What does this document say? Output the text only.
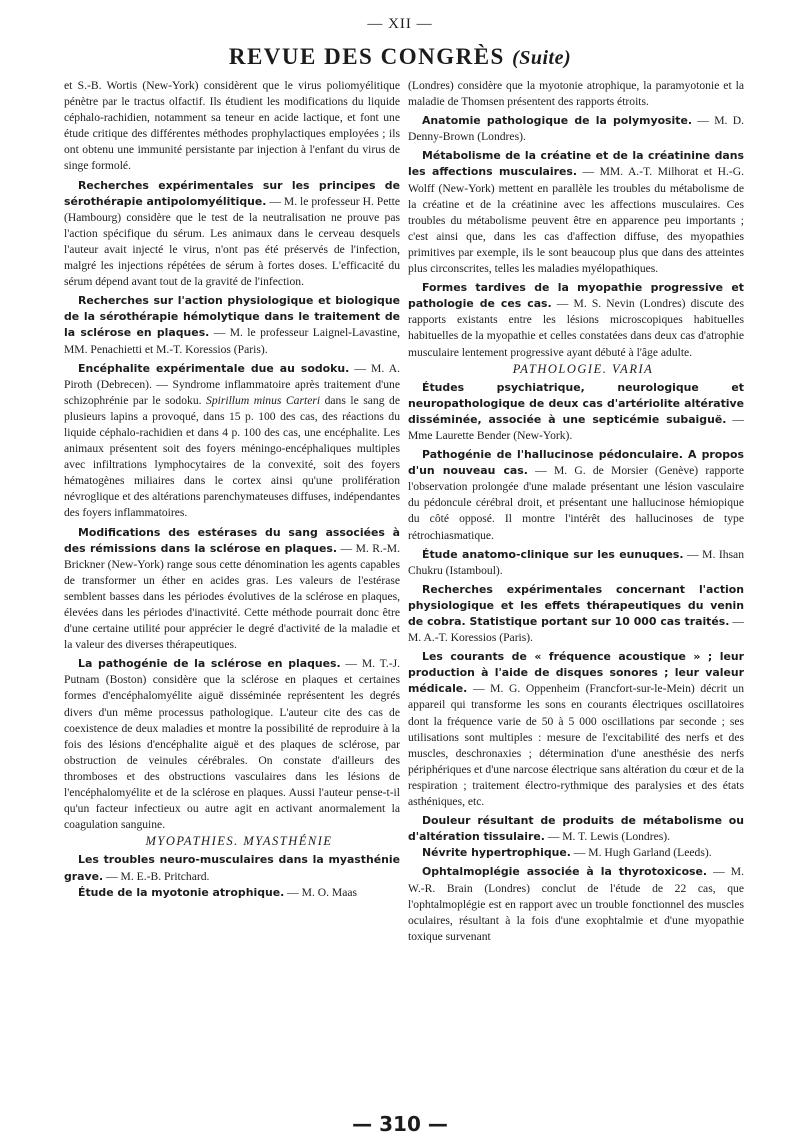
— XII —
REVUE DES CONGRÈS (Suite)

et S.-B. Wortis (New-York) considèrent que le virus poliomyélitique pénètre par le tractus olfactif. Ils étudient les modifications du liquide céphalo-rachidien, notamment sa teneur en acide lactique, et font une étude critique des différentes méthodes prophylactiques employées ; ils ont obtenu une immunité persistante par injection à l'enfant du virus de singe formolé.

Recherches expérimentales sur les principes de sérothérapie antipolomyélitique. — M. le professeur H. Pette (Hambourg) considère que le test de la neutralisation ne prouve pas l'action spécifique du sérum. Les animaux dans le cerveau desquels l'auteur avait injecté le virus, n'ont pas été préservés de l'infection, malgré les injections répétées de sérum à fortes doses. L'efficacité du sérum dépend avant tout de la gravité de l'infection.

Recherches sur l'action physiologique et biologique de la sérothérapie hémolytique dans le traitement de la sclérose en plaques. — M. le professeur Laignel-Lavastine, MM. Penachietti et M.-T. Koressios (Paris).

Encéphalite expérimentale due au sodoku. — M. A. Piroth (Debrecen). — Syndrome inflammatoire après traitement d'une schizophrénie par le sodoku. Spirillum minus Carteri dans le sang de plusieurs lapins a provoqué, dans 15 p. 100 des cas, des réactions du liquide céphalo-rachidien et dans 4 p. 100 des cas, une encéphalite. Les animaux présentent soit des foyers méningo-encéphaliques multiples avec infiltrations lymphocytaires de la convexité, soit des foyers hématogènes miliaires dans le cortex ainsi qu'une prolifération névroglique et des altérations parenchymateuses diffuses, indépendantes des foyers inflammatoires.

Modifications des estérases du sang associées à des rémissions dans la sclérose en plaques. — M. R.-M. Brickner (New-York) range sous cette dénomination les agents capables de transformer un éther en acides gras. Les valeurs de l'estérase semblent basses dans les périodes évolutives de la sclérose en plaques, élevées dans les périodes d'inactivité. Cette méthode pourrait donc être d'une certaine utilité pour apprécier le degré d'activité de la maladie et la valeur des diverses thérapeutiques.

La pathogénie de la sclérose en plaques. — M. T.-J. Putnam (Boston) considère que la sclérose en plaques et certaines formes d'encéphalomyélite aiguë disséminée représentent les degrés divers d'un même processus pathologique. L'auteur cite des cas de coexistence de deux maladies et montre la possibilité de reproduire à la fois des lésions d'encéphalite aiguë et des plaques de sclérose, par obstruction de veinules cérébrales. On constate d'ailleurs des thromboses et des obstructions vasculaires dans les lésions de l'encéphalomyélite et de la sclérose en plaques. Aussi l'auteur pense-t-il qu'un facteur infectieux ou autre agit en activant anormalement la coagulation sanguine.

MYOPATHIES. MYASTHÉNIE

Les troubles neuro-musculaires dans la myasthénie grave. — M. E.-B. Pritchard.

Étude de la myotonie atrophique. — M. O. Maas

(Londres) considère que la myotonie atrophique, la paramyotonie et la maladie de Thomsen présentent des rapports étroits.

Anatomie pathologique de la polymyosite. — M. D. Denny-Brown (Londres).

Métabolisme de la créatine et de la créatinine dans les affections musculaires. — MM. A.-T. Milhorat et H.-G. Wolff (New-York) mettent en parallèle les troubles du métabolisme de la créatine et de la créatinine avec les affections musculaires. Ces troubles du métabolisme peuvent être en apparence peu importants ; c'est ainsi que, dans les cas d'affection diffuse, des myopathies primitives par exemple, ils le sont beaucoup plus que dans des atteintes plus circonscrites, telles les maladies myélopathiques.

Formes tardives de la myopathie progressive et pathologie de ces cas. — M. S. Nevin (Londres) discute des rapports existants entre les lésions microscopiques habituelles habituelles de la myopathie et celles constatées dans deux cas d'atrophie musculaire lentement progressive ayant débuté à l'âge adulte.

PATHOLOGIE. VARIA

Études psychiatrique, neurologique et neuropathologique de deux cas d'artériolite altérative disséminée, associée à une septicémie subaiguë. — Mme Laurette Bender (New-York).

Pathogénie de l'hallucinose pédonculaire. A propos d'un nouveau cas. — M. G. de Morsier (Genève) rapporte l'observation prolongée d'une malade présentant une lésion vasculaire du pédoncule cérébral droit, et présentant une hallucinose hémiopique du côté opposé. Il montre l'intérêt des hallucinoses de type rétrochiasmatique.

Étude anatomo-clinique sur les eunuques. — M. Ihsan Chukru (Istamboul).

Recherches expérimentales concernant l'action physiologique et les effets thérapeutiques du venin de cobra. Statistique portant sur 10 000 cas traités. — M. A.-T. Koressios (Paris).

Les courants de « fréquence acoustique » ; leur production à l'aide de disques sonores ; leur valeur médicale. — M. G. Oppenheim (Francfort-sur-le-Mein) décrit un appareil qui transforme les sons en courants électriques oscillatoires dont la fréquence varie de 50 à 5 000 oscillations par seconde ; ses utilisations sont multiples : mesure de l'excitabilité des nerfs et des muscles, deschronaxies ; détermination d'une anesthésie des nerfs périphériques et d'une narcose électrique sans altération du cœur et de la respiration ; traitement électro-rythmique des paralysies et des états asthéniques, etc.

Douleur résultant de produits de métabolisme ou d'altération tissulaire. — M. T. Lewis (Londres).

Névrite hypertrophique. — M. Hugh Garland (Leeds).

Ophtalmoplégie associée à la thyrotoxicose. — M. W.-R. Brain (Londres) conclut de l'étude de 22 cas, que l'ophtalmoplégie est en rapport avec un trouble fonctionnel des muscles oculaires, résultant à la fois d'une exophtalmie et d'une myopathie toxique survenant

— 310 —
